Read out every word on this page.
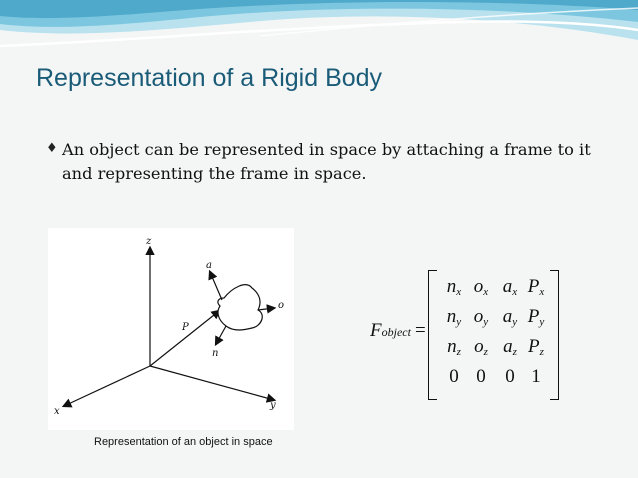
Representation of a Rigid Body
♦ An object can be represented in space by attaching a frame to it and representing the frame in space.
z
x
y
a
o
n
P
Representation of an object in space
Fobject =
$n_x$ $o_x$ $a_x$ $P_x$
$n_y$ $o_y$ $a_y$ $P_y$
$n_z$ $o_z$ $a_z$ $P_z$
0 0	0 1
